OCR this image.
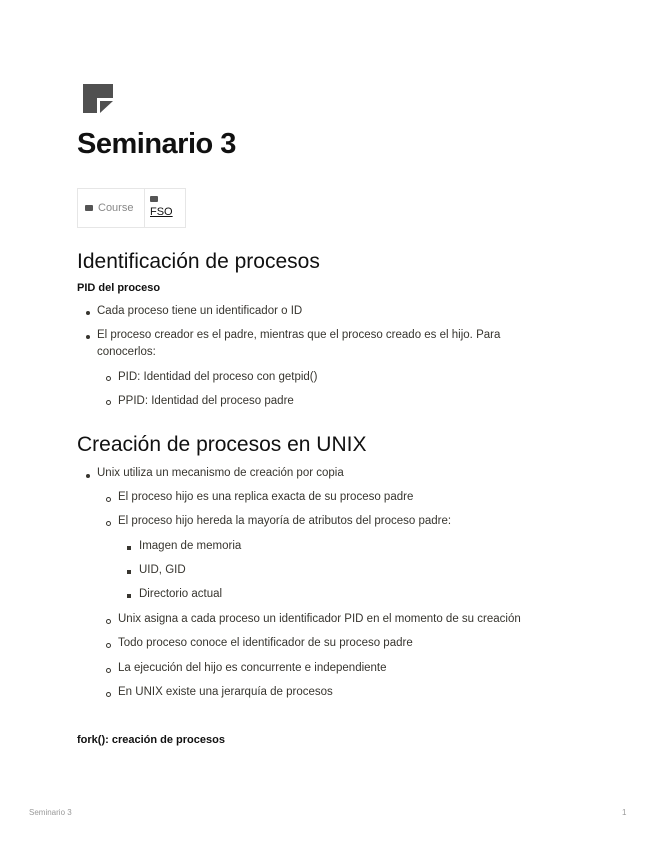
Seminario 3
Course FSO
Identificación de procesos
PID del proceso
Cada proceso tiene un identificador o ID
El proceso creador es el padre, mientras que el proceso creado es el hijo. Para
conocerlos:
PID: Identidad del proceso con getpid()
PPID: Identidad del proceso padre
Creación de procesos en UNIX
Unix utiliza un mecanismo de creación por copia
El proceso hijo es una replica exacta de su proceso padre
El proceso hijo hereda la mayoría de atributos del proceso padre:
Imagen de memoria
UID, GID
Directorio actual
Unix asigna a cada proceso un identificador PID en el momento de su creación
Todo proceso conoce el identificador de su proceso padre
La ejecución del hijo es concurrente e independiente
En UNIX existe una jerarquía de procesos
fork(): creación de procesos
Seminario 3	1
